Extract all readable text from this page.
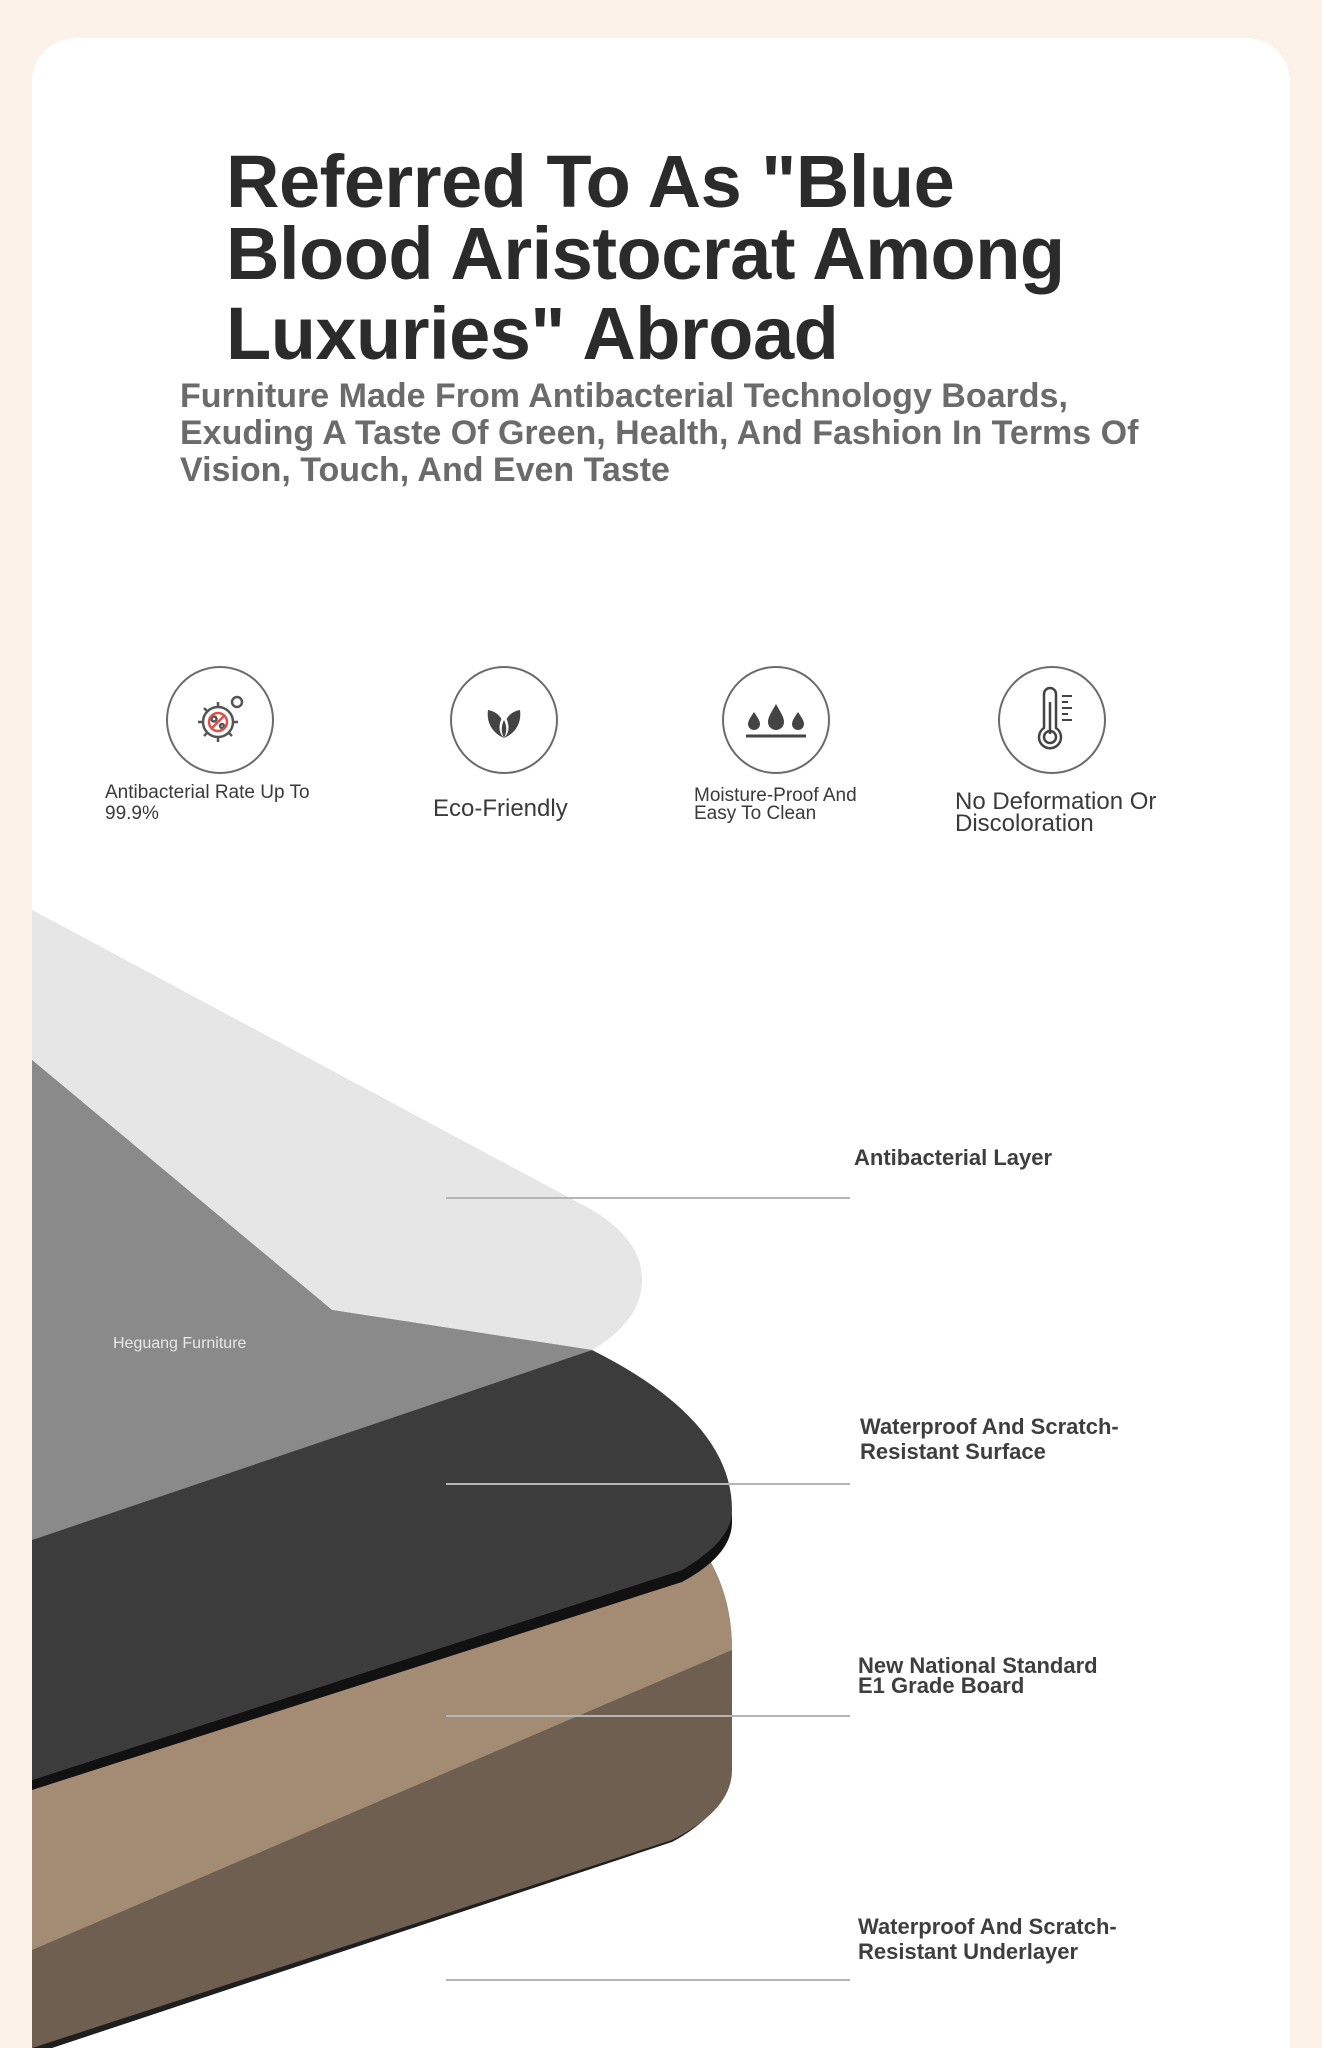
Referred To As "Blue
Blood Aristocrat Among
Luxuries" Abroad

Furniture Made From Antibacterial Technology Boards, Exuding A Taste Of Green, Health, And Fashion In Terms Of Vision, Touch, And Even Taste

Antibacterial Rate Up To 99.9%	Eco-Friendly	Moisture-Proof And Easy To Clean	No Deformation Or Discoloration

Heguang Furniture

Antibacterial Layer

Waterproof And Scratch-Resistant Surface

New National Standard E1 Grade Board

Waterproof And Scratch-Resistant Underlayer
